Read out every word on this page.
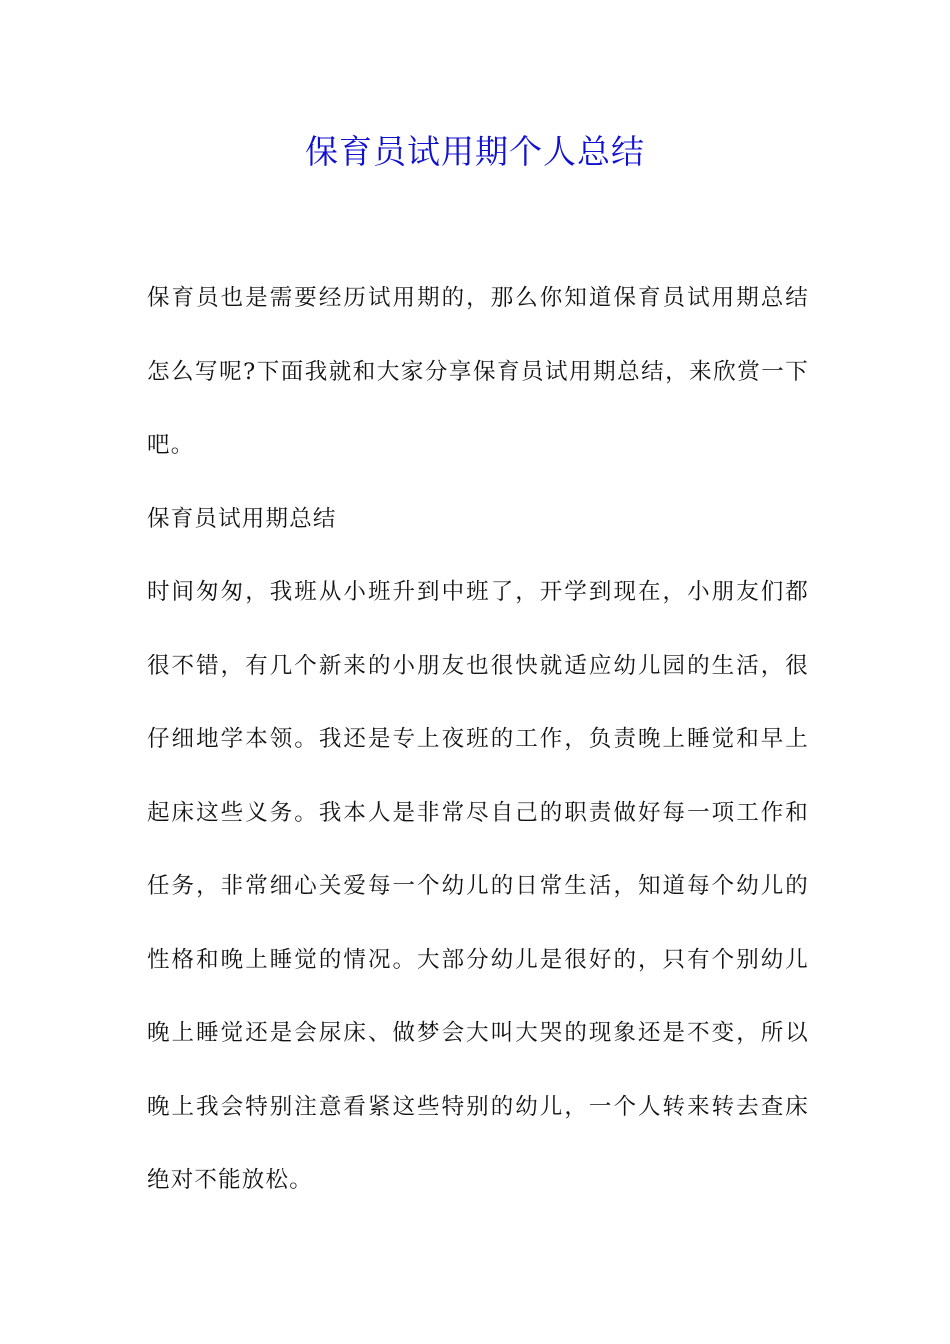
保育员试用期个人总结

保育员也是需要经历试用期的，那么你知道保育员试用期总结怎么写呢?下面我就和大家分享保育员试用期总结，来欣赏一下吧。

保育员试用期总结

时间匆匆，我班从小班升到中班了，开学到现在，小朋友们都很不错，有几个新来的小朋友也很快就适应幼儿园的生活，很仔细地学本领。我还是专上夜班的工作，负责晚上睡觉和早上起床这些义务。我本人是非常尽自己的职责做好每一项工作和任务，非常细心关爱每一个幼儿的日常生活，知道每个幼儿的性格和晚上睡觉的情况。大部分幼儿是很好的，只有个别幼儿晚上睡觉还是会尿床、做梦会大叫大哭的现象还是不变，所以晚上我会特别注意看紧这些特别的幼儿，一个人转来转去查床绝对不能放松。
